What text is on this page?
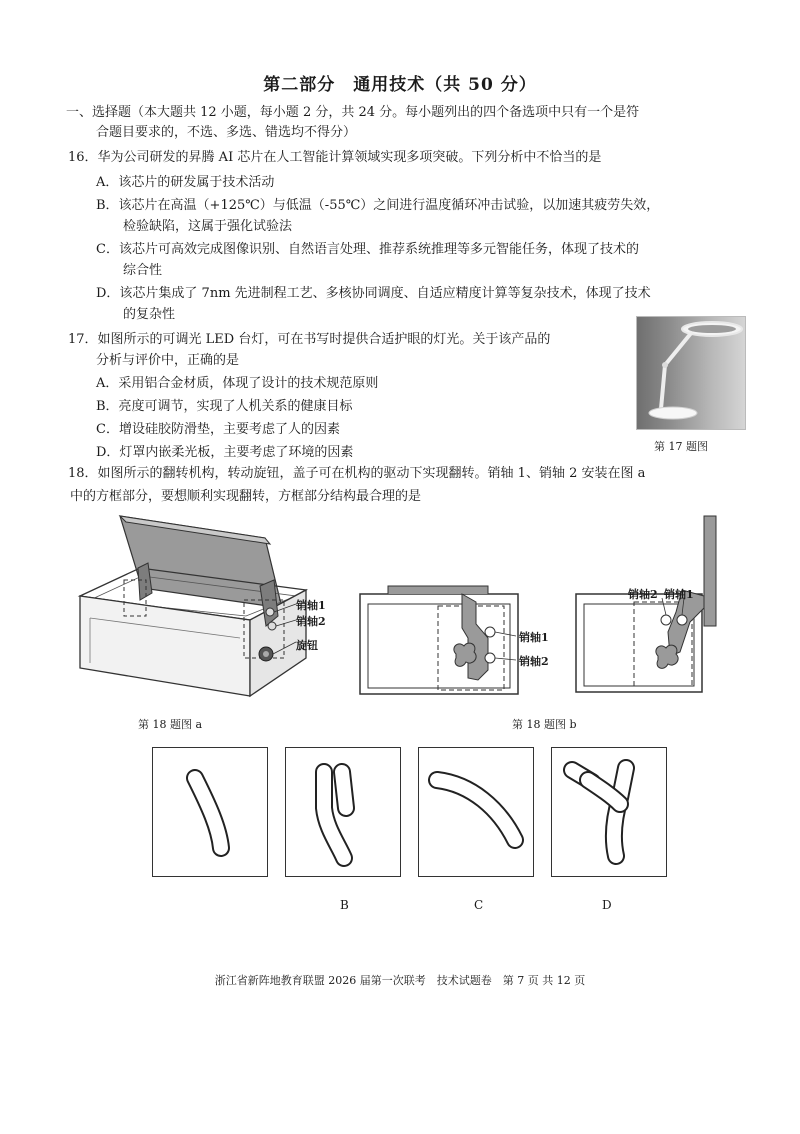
第二部分　通用技术（共 50 分）
一、选择题（本大题共 12 小题，每小题 2 分，共 24 分。每小题列出的四个备选项中只有一个是符
合题目要求的，不选、多选、错选均不得分）
16．华为公司研发的昇腾 AI 芯片在人工智能计算领域实现多项突破。下列分析中不恰当的是
A．该芯片的研发属于技术活动
B．该芯片在高温（+125℃）与低温（-55℃）之间进行温度循环冲击试验，以加速其疲劳失效，
检验缺陷，这属于强化试验法
C．该芯片可高效完成图像识别、自然语言处理、推荐系统推理等多元智能任务，体现了技术的
综合性
D．该芯片集成了 7nm 先进制程工艺、多核协同调度、自适应精度计算等复杂技术，体现了技术
的复杂性
17．如图所示的可调光 LED 台灯，可在书写时提供合适护眼的灯光。关于该产品的
分析与评价中，正确的是
A．采用铝合金材质，体现了设计的技术规范原则
B．亮度可调节，实现了人机关系的健康目标
C．增设硅胶防滑垫，主要考虑了人的因素
D．灯罩内嵌柔光板，主要考虑了环境的因素	第 17 题图
18．如图所示的翻转机构，转动旋钮，盖子可在机构的驱动下实现翻转。销轴 1、销轴 2 安装在图 a
中的方框部分，要想顺利实现翻转，方框部分结构最合理的是
销轴1
销轴2
旋钮
第 18 题图 a
销轴1
销轴2
销轴2 销轴1
第 18 题图 b
B	C	D
浙江省新阵地教育联盟 2026 届第一次联考　技术试题卷　第 7 页 共 12 页
